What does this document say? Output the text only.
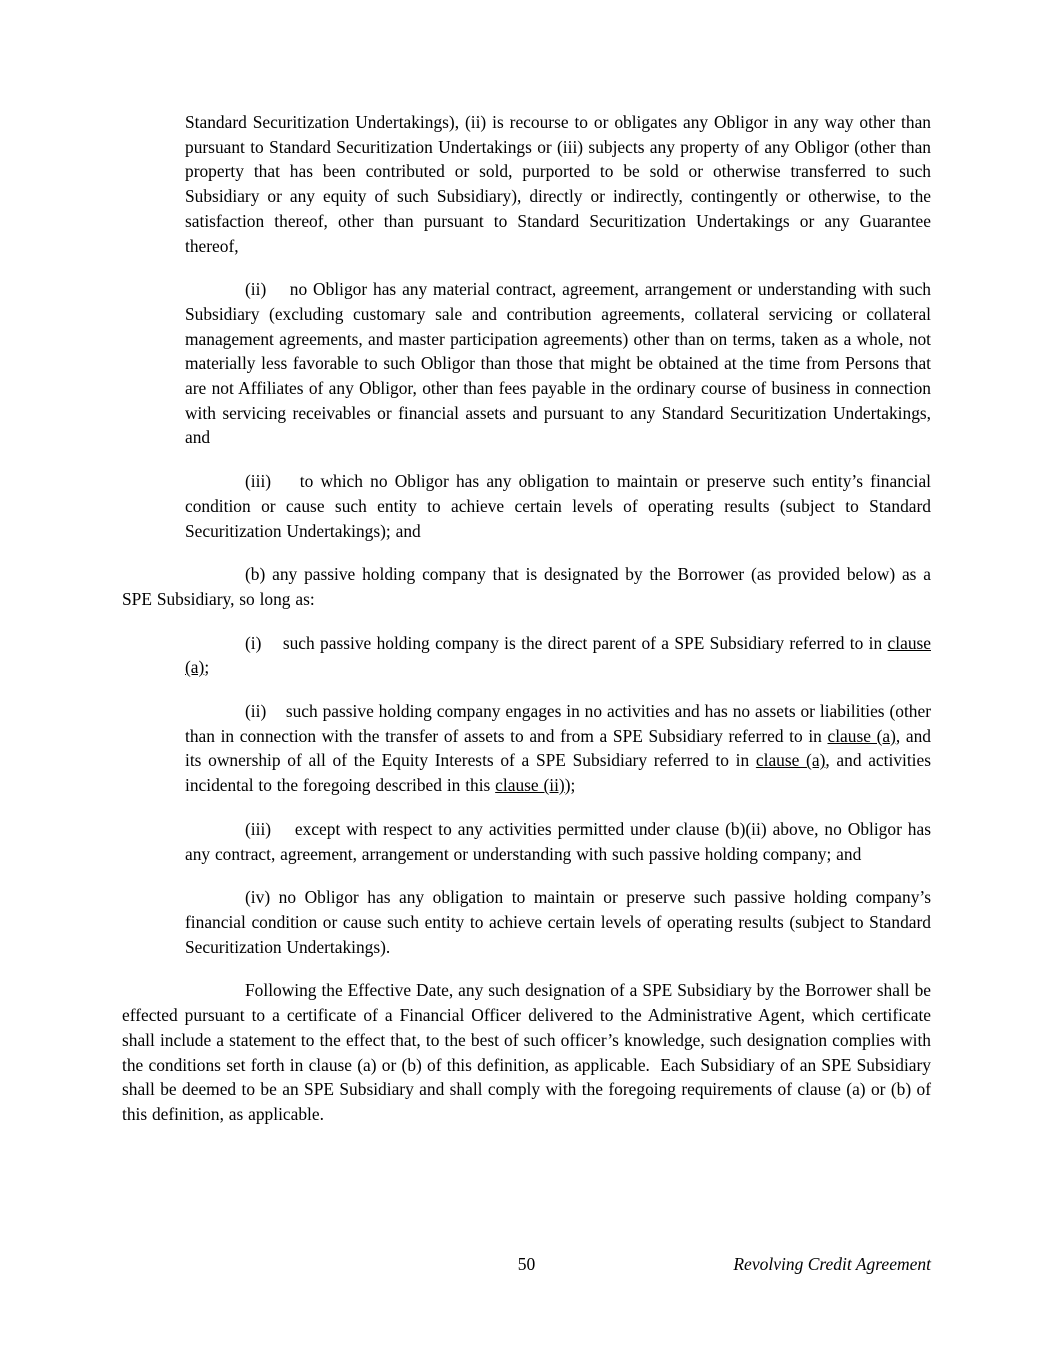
Standard Securitization Undertakings), (ii) is recourse to or obligates any Obligor in any way other than pursuant to Standard Securitization Undertakings or (iii) subjects any property of any Obligor (other than property that has been contributed or sold, purported to be sold or otherwise transferred to such Subsidiary or any equity of such Subsidiary), directly or indirectly, contingently or otherwise, to the satisfaction thereof, other than pursuant to Standard Securitization Undertakings or any Guarantee thereof,

(ii)    no Obligor has any material contract, agreement, arrangement or understanding with such Subsidiary (excluding customary sale and contribution agreements, collateral servicing or collateral management agreements, and master participation agreements) other than on terms, taken as a whole, not materially less favorable to such Obligor than those that might be obtained at the time from Persons that are not Affiliates of any Obligor, other than fees payable in the ordinary course of business in connection with servicing receivables or financial assets and pursuant to any Standard Securitization Undertakings, and

(iii)    to which no Obligor has any obligation to maintain or preserve such entity’s financial condition or cause such entity to achieve certain levels of operating results (subject to Standard Securitization Undertakings); and

(b) any passive holding company that is designated by the Borrower (as provided below) as a SPE Subsidiary, so long as:

(i)    such passive holding company is the direct parent of a SPE Subsidiary referred to in clause (a);

(ii)    such passive holding company engages in no activities and has no assets or liabilities (other than in connection with the transfer of assets to and from a SPE Subsidiary referred to in clause (a), and its ownership of all of the Equity Interests of a SPE Subsidiary referred to in clause (a), and activities incidental to the foregoing described in this clause (ii));

(iii)    except with respect to any activities permitted under clause (b)(ii) above, no Obligor has any contract, agreement, arrangement or understanding with such passive holding company; and

(iv) no Obligor has any obligation to maintain or preserve such passive holding company’s financial condition or cause such entity to achieve certain levels of operating results (subject to Standard Securitization Undertakings).

Following the Effective Date, any such designation of a SPE Subsidiary by the Borrower shall be effected pursuant to a certificate of a Financial Officer delivered to the Administrative Agent, which certificate shall include a statement to the effect that, to the best of such officer’s knowledge, such designation complies with the conditions set forth in clause (a) or (b) of this definition, as applicable.  Each Subsidiary of an SPE Subsidiary shall be deemed to be an SPE Subsidiary and shall comply with the foregoing requirements of clause (a) or (b) of this definition, as applicable.

50	Revolving Credit Agreement
